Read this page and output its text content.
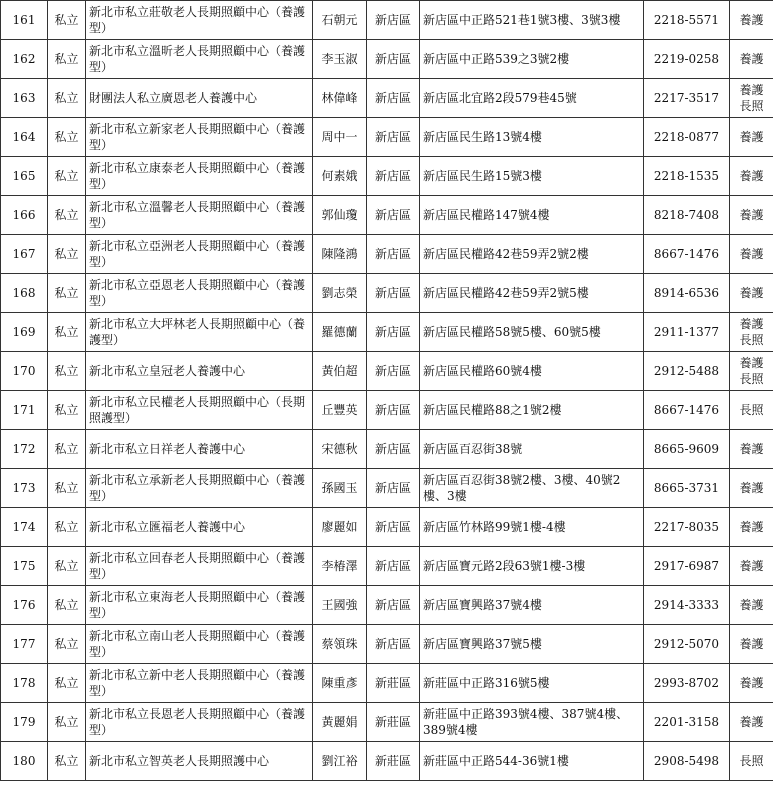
161	私立	新北市私立莊敬老人長期照顧中心（養護型）	石朝元	新店區	新店區中正路521巷1號3樓、3號3樓	2218-5571	養護

162	私立	新北市私立溫昕老人長期照顧中心（養護型）	李玉淑	新店區	新店區中正路539之3號2樓	2219-0258	養護

163	私立	財團法人私立廣恩老人養護中心	林偉峰	新店區	新店區北宜路2段579巷45號	2217-3517	養護
長照

164	私立	新北市私立新家老人長期照顧中心（養護型）	周中一	新店區	新店區民生路13號4樓	2218-0877	養護

165	私立	新北市私立康泰老人長期照顧中心（養護型）	何素娥	新店區	新店區民生路15號3樓	2218-1535	養護

166	私立	新北市私立溫馨老人長期照顧中心（養護型）	郭仙瓊	新店區	新店區民權路147號4樓	8218-7408	養護

167	私立	新北市私立亞洲老人長期照顧中心（養護型）	陳隆鴻	新店區	新店區民權路42巷59弄2號2樓	8667-1476	養護

168	私立	新北市私立亞恩老人長期照顧中心（養護型）	劉志榮	新店區	新店區民權路42巷59弄2號5樓	8914-6536	養護

169	私立	新北市私立大坪林老人長期照顧中心（養護型）	羅德蘭	新店區	新店區民權路58號5樓、60號5樓	2911-1377	養護
長照

170	私立	新北市私立皇冠老人養護中心	黃伯超	新店區	新店區民權路60號4樓	2912-5488	養護
長照

171	私立	新北市私立民權老人長期照顧中心（長期照護型）	丘豐英	新店區	新店區民權路88之1號2樓	8667-1476	長照

172	私立	新北市私立日祥老人養護中心	宋德秋	新店區	新店區百忍街38號	8665-9609	養護

173	私立	新北市私立承新老人長期照顧中心（養護型）	孫國玉	新店區	新店區百忍街38號2樓、3樓、40號2樓、3樓	8665-3731	養護

174	私立	新北市私立匯福老人養護中心	廖麗如	新店區	新店區竹林路99號1樓-4樓	2217-8035	養護

175	私立	新北市私立回春老人長期照顧中心（養護型）	李椿澤	新店區	新店區寶元路2段63號1樓-3樓	2917-6987	養護

176	私立	新北市私立東海老人長期照顧中心（養護型）	王國強	新店區	新店區寶興路37號4樓	2914-3333	養護

177	私立	新北市私立南山老人長期照顧中心（養護型）	蔡領珠	新店區	新店區寶興路37號5樓	2912-5070	養護

178	私立	新北市私立新中老人長期照顧中心（養護型）	陳重彥	新莊區	新莊區中正路316號5樓	2993-8702	養護

179	私立	新北市私立長恩老人長期照顧中心（養護型）	黃麗娟	新莊區	新莊區中正路393號4樓、387號4樓、389號4樓	2201-3158	養護

180	私立	新北市私立智英老人長期照護中心	劉江裕	新莊區	新莊區中正路544-36號1樓	2908-5498	長照
